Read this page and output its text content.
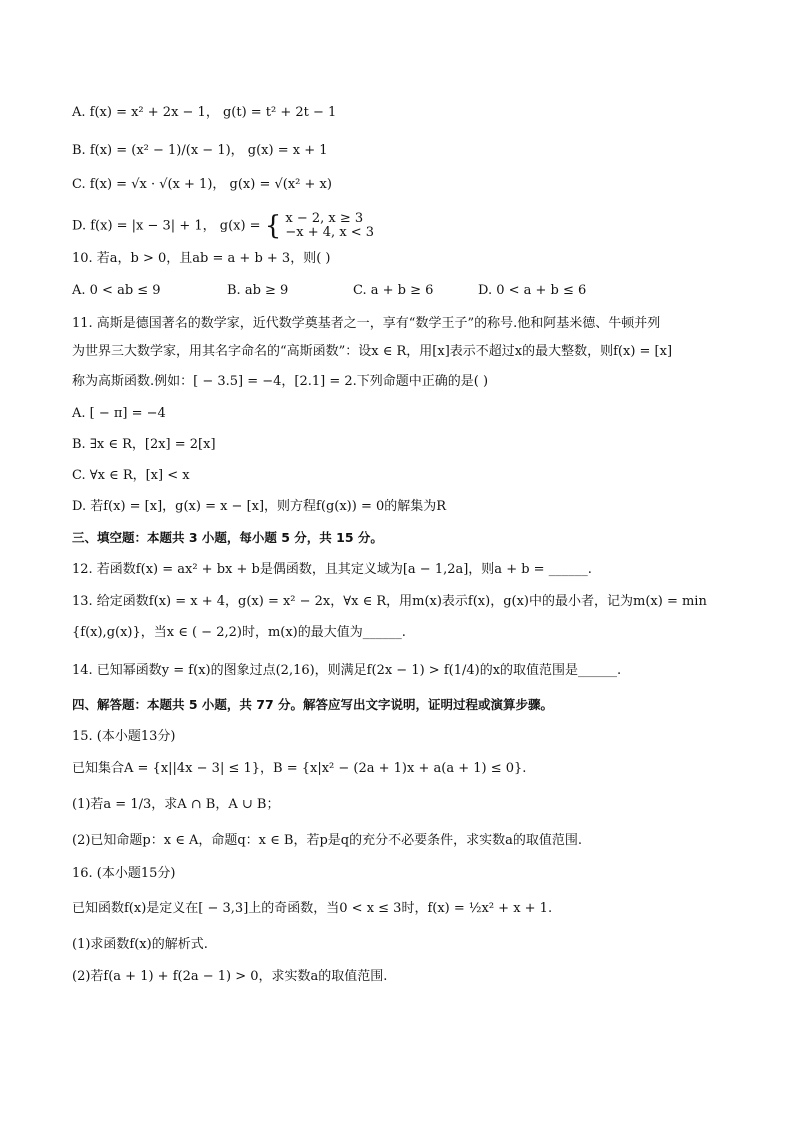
A. f(x) = x² + 2x − 1， g(t) = t² + 2t − 1
B. f(x) = (x² − 1)/(x − 1)， g(x) = x + 1
C. f(x) = √x · √(x + 1)， g(x) = √(x² + x)
D. f(x) = |x − 3| + 1， g(x) = { x − 2, x ≥ 3
−x + 4, x < 3
10. 若a，b > 0，且ab = a + b + 3，则( )
A. 0 < ab ≤ 9	B. ab ≥ 9	C. a + b ≥ 6	D. 0 < a + b ≤ 6
11. 高斯是德国著名的数学家，近代数学奠基者之一，享有“数学王子”的称号.他和阿基米德、牛顿并列
为世界三大数学家，用其名字命名的“高斯函数”：设x ∈ R，用[x]表示不超过x的最大整数，则f(x) = [x]
称为高斯函数.例如：[ − 3.5] = −4，[2.1] = 2.下列命题中正确的是( )
A. [ − π] = −4
B. ∃x ∈ R，[2x] = 2[x]
C. ∀x ∈ R，[x] < x
D. 若f(x) = [x]，g(x) = x − [x]，则方程f(g(x)) = 0的解集为R
三、填空题：本题共 3 小题，每小题 5 分，共 15 分。
12. 若函数f(x) = ax² + bx + b是偶函数，且其定义域为[a − 1,2a]，则a + b = ______.
13. 给定函数f(x) = x + 4，g(x) = x² − 2x，∀x ∈ R，用m(x)表示f(x)，g(x)中的最小者，记为m(x) = min
{f(x),g(x)}，当x ∈ ( − 2,2)时，m(x)的最大值为______.
14. 已知幂函数y = f(x)的图象过点(2,16)，则满足f(2x − 1) > f(1/4)的x的取值范围是______.
四、解答题：本题共 5 小题，共 77 分。解答应写出文字说明，证明过程或演算步骤。
15. (本小题13分)
已知集合A = {x||4x − 3| ≤ 1}，B = {x|x² − (2a + 1)x + a(a + 1) ≤ 0}.
(1)若a = 1/3，求A ∩ B，A ∪ B；
(2)已知命题p：x ∈ A，命题q：x ∈ B，若p是q的充分不必要条件，求实数a的取值范围.
16. (本小题15分)
已知函数f(x)是定义在[ − 3,3]上的奇函数，当0 < x ≤ 3时，f(x) = ½x² + x + 1.
(1)求函数f(x)的解析式.
(2)若f(a + 1) + f(2a − 1) > 0，求实数a的取值范围.
